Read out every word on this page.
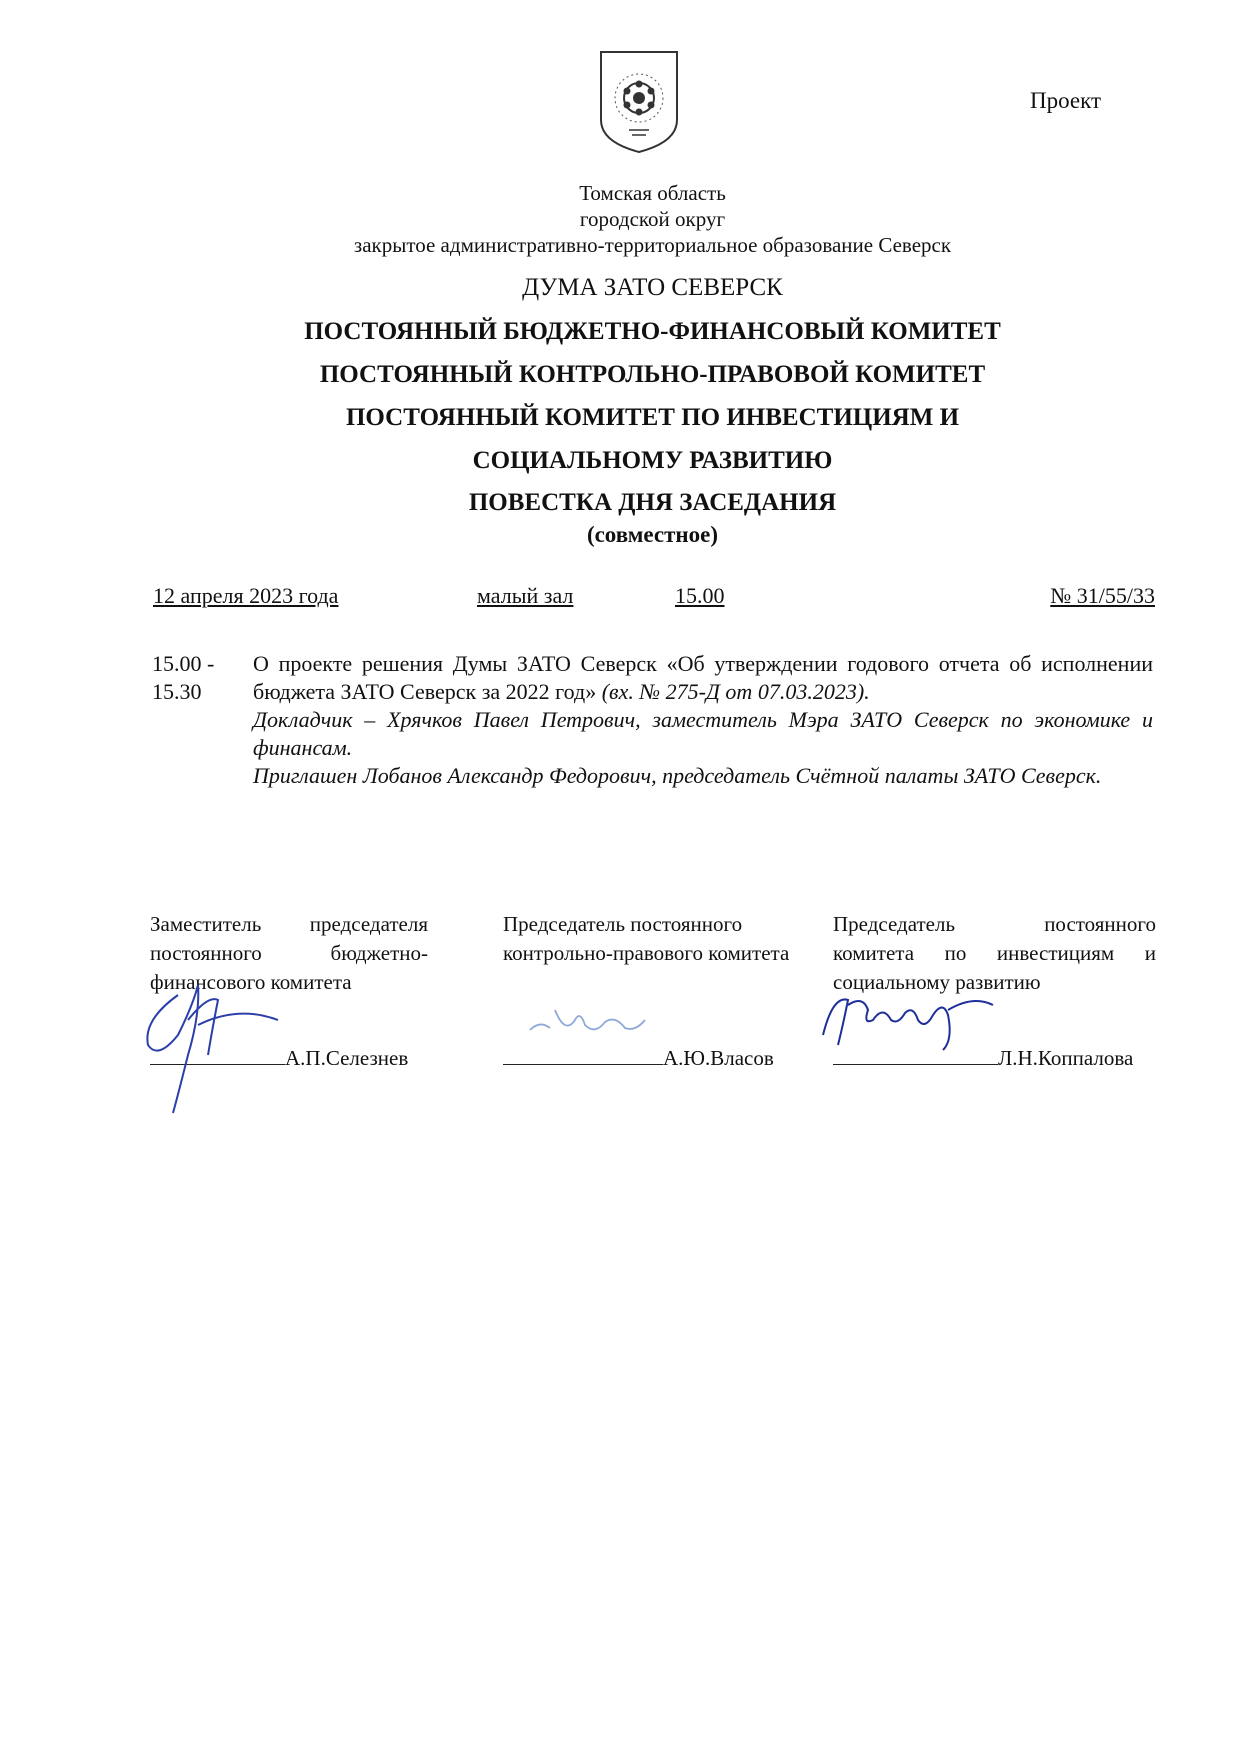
Проект
Томская область
городской округ
закрытое административно-территориальное образование Северск
ДУМА ЗАТО СЕВЕРСК
ПОСТОЯННЫЙ БЮДЖЕТНО-ФИНАНСОВЫЙ КОМИТЕТ
ПОСТОЯННЫЙ КОНТРОЛЬНО-ПРАВОВОЙ КОМИТЕТ
ПОСТОЯННЫЙ КОМИТЕТ ПО ИНВЕСТИЦИЯМ И
СОЦИАЛЬНОМУ РАЗВИТИЮ
ПОВЕСТКА ДНЯ ЗАСЕДАНИЯ
(совместное)
12 апреля 2023 года	малый зал	15.00	№ 31/55/33
15.00 -
15.30

О проекте решения Думы ЗАТО Северск «Об утверждении годового отчета об исполнении бюджета ЗАТО Северск за 2022 год» (вх. № 275-Д от 07.03.2023).

Докладчик – Хрячков Павел Петрович, заместитель Мэра ЗАТО Северск по экономике и финансам.

Приглашен Лобанов Александр Федорович, председатель Счётной палаты ЗАТО Северск.

Заместитель председателя постоянного бюджетно-финансового комитета
Председатель постоянного контрольно-правового комитета
Председатель постоянного комитета по инвестициям и социальному развитию
А.П.Селезнев	А.Ю.Власов	Л.Н.Коппалова
